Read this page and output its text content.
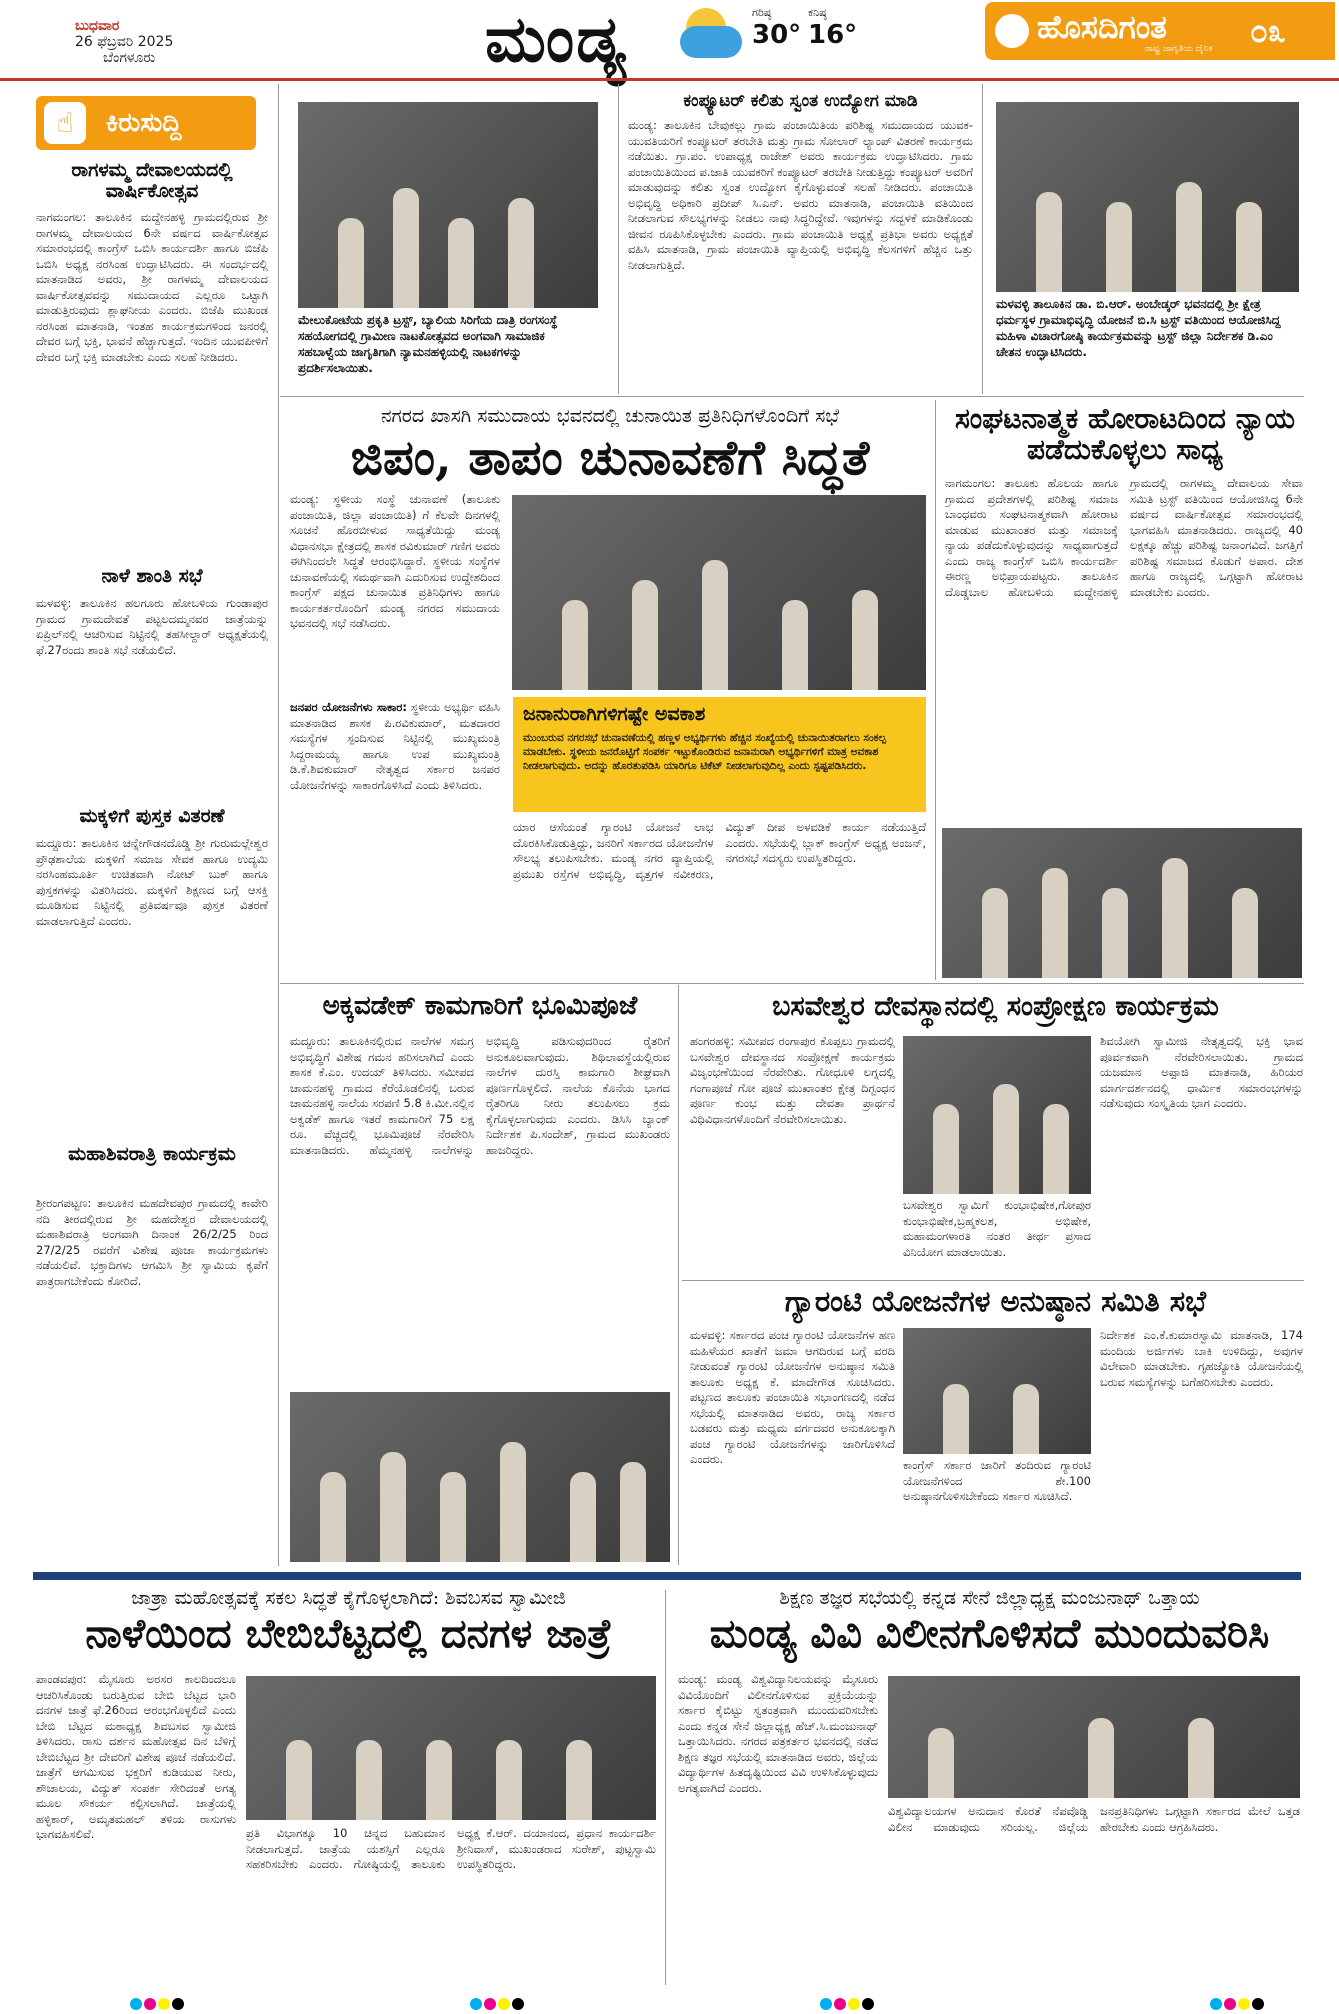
ಬುಧವಾರ
26 ಫೆಬ್ರವರಿ 2025
ಬೆಂಗಳೂರು	ಮಂಡ್ಯ	ಗರಿಷ್ಠ
30°
ಕನಿಷ್ಠ
16°	ಹೊಸದಿಗಂತ
ರಾಷ್ಟ್ರ ಜಾಗೃತಿಯ ದೈನಿಕ ೦೩
☝	ಕಿರುಸುದ್ದಿ
ರಾಗಳಮ್ಮ ದೇವಾಲಯದಲ್ಲಿ ವಾರ್ಷಿಕೋತ್ಸವ
ನಾಗಮಂಗಲ: ತಾಲೂಕಿನ ಮದ್ದೇನಹಳ್ಳಿ ಗ್ರಾಮದಲ್ಲಿರುವ ಶ್ರೀ ರಾಗಳಮ್ಮ ದೇವಾಲಯದ 6ನೇ ವರ್ಷದ ವಾರ್ಷಿಕೋತ್ಸವ ಸಮಾರಂಭದಲ್ಲಿ ಕಾಂಗ್ರೆಸ್ ಒಬಿಸಿ ಕಾರ್ಯದರ್ಶಿ ಹಾಗೂ ಬಿಜೆಪಿ ಒಬಿಸಿ ಅಧ್ಯಕ್ಷ ನರಸಿಂಹ ಉದ್ಘಾಟಿಸಿದರು. ಈ ಸಂದರ್ಭದಲ್ಲಿ ಮಾತನಾಡಿದ ಅವರು, ಶ್ರೀ ರಾಗಳಮ್ಮ ದೇವಾಲಯದ ವಾರ್ಷಿಕೋತ್ಸವವನ್ನು ಸಮುದಾಯದ ಎಲ್ಲರೂ ಒಟ್ಟಾಗಿ ಮಾಡುತ್ತಿರುವುದು ಶ್ಲಾಘನೀಯ ಎಂದರು. ಬಿಜೆಪಿ ಮುಖಂಡ ನರಸಿಂಹ ಮಾತನಾಡಿ, ಇಂತಹ ಕಾರ್ಯಕ್ರಮಗಳಿಂದ ಜನರಲ್ಲಿ ದೇವರ ಬಗ್ಗೆ ಭಕ್ತಿ, ಭಾವನೆ ಹೆಚ್ಚಾಗುತ್ತದೆ. ಇಂದಿನ ಯುವಪೀಳಿಗೆ ದೇವರ ಬಗ್ಗೆ ಭಕ್ತಿ ಮಾಡಬೇಕು ಎಂದು ಸಲಹೆ ನೀಡಿದರು.
ನಾಳೆ ಶಾಂತಿ ಸಭೆ
ಮಳವಳ್ಳಿ: ತಾಲೂಕಿನ ಹಲಗೂರು ಹೋಬಳಿಯ ಗುಂಡಾಪುರ ಗ್ರಾಮದ ಗ್ರಾಮದೇವತೆ ಪಟ್ಟಲದಮ್ಮನವರ ಜಾತ್ರೆಯನ್ನು ಏಪ್ರಿಲ್‌ನಲ್ಲಿ ಆಚರಿಸುವ ನಿಟ್ಟಿನಲ್ಲಿ ತಹಸೀಲ್ದಾರ್ ಅಧ್ಯಕ್ಷತೆಯಲ್ಲಿ ಫೆ.27ರಂದು ಶಾಂತಿ ಸಭೆ ನಡೆಯಲಿದೆ.
ಮಕ್ಕಳಿಗೆ ಪುಸ್ತಕ ವಿತರಣೆ
ಮದ್ದೂರು: ತಾಲೂಕಿನ ಚನ್ನೇಗೌಡನದೊಡ್ಡಿ ಶ್ರೀ ಗುರುಮಲ್ಲೇಶ್ವರ ಪ್ರೌಢಶಾಲೆಯ ಮಕ್ಕಳಿಗೆ ಸಮಾಜ ಸೇವಕ ಹಾಗೂ ಉದ್ಯಮಿ ನರಸಿಂಹಮೂರ್ತಿ ಉಚಿತವಾಗಿ ನೋಟ್ ಬುಕ್ ಹಾಗೂ ಪುಸ್ತಕಗಳನ್ನು ವಿತರಿಸಿದರು. ಮಕ್ಕಳಿಗೆ ಶಿಕ್ಷಣದ ಬಗ್ಗೆ ಆಸಕ್ತಿ ಮೂಡಿಸುವ ನಿಟ್ಟಿನಲ್ಲಿ ಪ್ರತಿವರ್ಷವೂ ಪುಸ್ತಕ ವಿತರಣೆ ಮಾಡಲಾಗುತ್ತಿದೆ ಎಂದರು.
ಮಹಾಶಿವರಾತ್ರಿ ಕಾರ್ಯಕ್ರಮ
ಶ್ರೀರಂಗಪಟ್ಟಣ: ತಾಲೂಕಿನ ಮಹದೇವಪುರ ಗ್ರಾಮದಲ್ಲಿ ಕಾವೇರಿ ನದಿ ತೀರದಲ್ಲಿರುವ ಶ್ರೀ ಮಹದೇಶ್ವರ ದೇವಾಲಯದಲ್ಲಿ ಮಹಾಶಿವರಾತ್ರಿ ಅಂಗವಾಗಿ ದಿನಾಂಕ 26/2/25 ರಿಂದ 27/2/25 ರವರೆಗೆ ವಿಶೇಷ ಪೂಜಾ ಕಾರ್ಯಕ್ರಮಗಳು ನಡೆಯಲಿವೆ. ಭಕ್ತಾದಿಗಳು ಆಗಮಿಸಿ ಶ್ರೀ ಸ್ವಾಮಿಯ ಕೃಪೆಗೆ ಪಾತ್ರರಾಗಬೇಕೆಂದು ಕೋರಿದೆ.
ಮೇಲುಕೋಟೆಯ ಪ್ರಕೃತಿ ಟ್ರಸ್ಟ್, ಬ್ಯಾಲಿಯ ಸಿರಿಗೆಯ ದಾತ್ರಿ ರಂಗಸಂಸ್ಥೆ ಸಹಯೋಗದಲ್ಲಿ ಗ್ರಾಮೀಣ ನಾಟಕೋತ್ಸವದ ಅಂಗವಾಗಿ ಸಾಮಾಜಿಕ ಸಹಬಾಳ್ವೆಯ ಜಾಗೃತಿಗಾಗಿ ನ್ಯಾಮನಹಳ್ಳಿಯಲ್ಲಿ ನಾಟಕಗಳನ್ನು ಪ್ರದರ್ಶಿಸಲಾಯಿತು.
ಕಂಪ್ಯೂಟರ್ ಕಲಿತು ಸ್ವಂತ ಉದ್ಯೋಗ ಮಾಡಿ
ಮಂಡ್ಯ: ತಾಲೂಕಿನ ಬೇವುಕಲ್ಲು ಗ್ರಾಮ ಪಂಚಾಯಿತಿಯ ಪರಿಶಿಷ್ಟ ಸಮುದಾಯದ ಯುವಕ-ಯುವತಿಯರಿಗೆ ಕಂಪ್ಯೂಟರ್ ತರಬೇತಿ ಮತ್ತು ಗ್ರಾಮ ಸೋಲಾರ್ ಲ್ಯಾಂಪ್ ವಿತರಣೆ ಕಾರ್ಯಕ್ರಮ ನಡೆಯಿತು. ಗ್ರಾ.ಪಂ. ಉಪಾಧ್ಯಕ್ಷ ರಾಜೇಶ್ ಅವರು ಕಾರ್ಯಕ್ರಮ ಉದ್ಘಾಟಿಸಿದರು. ಗ್ರಾಮ ಪಂಚಾಯಿತಿಯಿಂದ ಪ.ಜಾತಿ ಯುವಕರಿಗೆ ಕಂಪ್ಯೂಟರ್ ತರಬೇತಿ ನೀಡುತ್ತಿದ್ದು ಕಂಪ್ಯೂಟರ್ ಅವರಿಗೆ ಮಾಡುವುದನ್ನು ಕಲಿತು ಸ್ವಂತ ಉದ್ಯೋಗ ಕೈಗೊಳ್ಳುವಂತೆ ಸಲಹೆ ನೀಡಿದರು. ಪಂಚಾಯಿತಿ ಅಭಿವೃದ್ಧಿ ಅಧಿಕಾರಿ ಪ್ರದೀಪ್ ಸಿ.ಎನ್. ಅವರು ಮಾತನಾಡಿ, ಪಂಚಾಯಿತಿ ವತಿಯಿಂದ ನೀಡಲಾಗುವ ಸೌಲಭ್ಯಗಳನ್ನು ನೀಡಲು ನಾವು ಸಿದ್ಧರಿದ್ದೇವೆ. ಇವುಗಳನ್ನು ಸದ್ಬಳಕೆ ಮಾಡಿಕೊಂಡು ಜೀವನ ರೂಪಿಸಿಕೊಳ್ಳಬೇಕು ಎಂದರು. ಗ್ರಾಮ ಪಂಚಾಯಿತಿ ಅಧ್ಯಕ್ಷೆ ಪ್ರತಿಭಾ ಅವರು ಅಧ್ಯಕ್ಷತೆ ವಹಿಸಿ ಮಾತನಾಡಿ, ಗ್ರಾಮ ಪಂಚಾಯಿತಿ ವ್ಯಾಪ್ತಿಯಲ್ಲಿ ಅಭಿವೃದ್ಧಿ ಕೆಲಸಗಳಿಗೆ ಹೆಚ್ಚಿನ ಒತ್ತು ನೀಡಲಾಗುತ್ತಿದೆ.
ಮಳವಳ್ಳಿ ತಾಲೂಕಿನ ಡಾ. ಬಿ.ಆರ್. ಅಂಬೇಡ್ಕರ್ ಭವನದಲ್ಲಿ ಶ್ರೀ ಕ್ಷೇತ್ರ ಧರ್ಮಸ್ಥಳ ಗ್ರಾಮಾಭಿವೃದ್ಧಿ ಯೋಜನೆ ಬಿ.ಸಿ ಟ್ರಸ್ಟ್ ವತಿಯಿಂದ ಆಯೋಜಿಸಿದ್ದ ಮಹಿಳಾ ವಿಚಾರಗೋಷ್ಠಿ ಕಾರ್ಯಕ್ರಮವನ್ನು ಟ್ರಸ್ಟ್ ಜಿಲ್ಲಾ ನಿರ್ದೇಶಕ ಡಿ.ಎಂ ಚೇತನ ಉದ್ಘಾಟಿಸಿದರು.
ನಗರದ ಖಾಸಗಿ ಸಮುದಾಯ ಭವನದಲ್ಲಿ ಚುನಾಯಿತ ಪ್ರತಿನಿಧಿಗಳೊಂದಿಗೆ ಸಭೆ
ಜಿಪಂ, ತಾಪಂ ಚುನಾವಣೆಗೆ ಸಿದ್ಧತೆ
ಮಂಡ್ಯ: ಸ್ಥಳೀಯ ಸಂಸ್ಥೆ ಚುನಾವಣೆ (ತಾಲೂಕು ಪಂಚಾಯಿತಿ, ಜಿಲ್ಲಾ ಪಂಚಾಯಿತಿ) ಗೆ ಕೆಲವೇ ದಿನಗಳಲ್ಲಿ ಸೂಚನೆ ಹೊರಬೀಳುವ ಸಾಧ್ಯತೆಯಿದ್ದು ಮಂಡ್ಯ ವಿಧಾನಸಭಾ ಕ್ಷೇತ್ರದಲ್ಲಿ ಶಾಸಕ ರವಿಕುಮಾರ್ ಗಣಿಗ ಅವರು ಈಗಿನಿಂದಲೇ ಸಿದ್ಧತೆ ಆರಂಭಿಸಿದ್ದಾರೆ. ಸ್ಥಳೀಯ ಸಂಸ್ಥೆಗಳ ಚುನಾವಣೆಯಲ್ಲಿ ಸಮರ್ಥವಾಗಿ ಎದುರಿಸುವ ಉದ್ದೇಶದಿಂದ ಕಾಂಗ್ರೆಸ್ ಪಕ್ಷದ ಚುನಾಯಿತ ಪ್ರತಿನಿಧಿಗಳು ಹಾಗೂ ಕಾರ್ಯಕರ್ತರೊಂದಿಗೆ ಮಂಡ್ಯ ನಗರದ ಸಮುದಾಯ ಭವನದಲ್ಲಿ ಸಭೆ ನಡೆಸಿದರು.
ಜನಪರ ಯೋಜನೆಗಳು ಸಾಕಾರ: ಸ್ಥಳೀಯ ಅಭ್ಯರ್ಥಿ ವಹಿಸಿ ಮಾತನಾಡಿದ ಶಾಸಕ ಪಿ.ರವಿಕುಮಾರ್, ಮತದಾರರ ಸಮಸ್ಯೆಗಳ ಸ್ಪಂದಿಸುವ ನಿಟ್ಟಿನಲ್ಲಿ ಮುಖ್ಯಮಂತ್ರಿ ಸಿದ್ದರಾಮಯ್ಯ ಹಾಗೂ ಉಪ ಮುಖ್ಯಮಂತ್ರಿ ಡಿ.ಕೆ.ಶಿವಕುಮಾರ್ ನೇತೃತ್ವದ ಸರ್ಕಾರ ಜನಪರ ಯೋಜನೆಗಳನ್ನು ಸಾಕಾರಗೊಳಿಸಿದೆ ಎಂದು ತಿಳಿಸಿದರು.
ಜನಾನುರಾಗಿಗಳಿಗಷ್ಟೇ ಅವಕಾಶ
ಮುಂಬರುವ ನಗರಸಭೆ ಚುನಾವಣೆಯಲ್ಲಿ ಹಣ್ಣಳ ಅಭ್ಯರ್ಥಿಗಳು ಹೆಚ್ಚಿನ ಸಂಖ್ಯೆಯಲ್ಲಿ ಚುನಾಯಿತರಾಗಲು ಸಂಕಲ್ಪ ಮಾಡಬೇಕು. ಸ್ಥಳೀಯ ಜನರೊಟ್ಟಿಗೆ ಸಂಪರ್ಕ ಇಟ್ಟುಕೊಂಡಿರುವ ಜನಾನುರಾಗಿ ಅಭ್ಯರ್ಥಿಗಳಿಗೆ ಮಾತ್ರ ಅವಕಾಶ ನೀಡಲಾಗುವುದು. ಅದನ್ನು ಹೊರತುಪಡಿಸಿ ಯಾರಿಗೂ ಟಿಕೆಟ್ ನೀಡಲಾಗುವುದಿಲ್ಲ ಎಂದು ಸ್ಪಷ್ಟಪಡಿಸಿದರು.
ಯಾರ ಆಸೆಯಂತೆ ಗ್ಯಾರಂಟಿ ಯೋಜನೆ ಲಾಭ ದೊರಕಿಸಿಕೊಡುತ್ತಿದ್ದು, ಜನರಿಗೆ ಸರ್ಕಾರದ ಯೋಜನೆಗಳ ಸೌಲಭ್ಯ ತಲುಪಿಸಬೇಕು. ಮಂಡ್ಯ ನಗರ ವ್ಯಾಪ್ತಿಯಲ್ಲಿ ಪ್ರಮುಖ ರಸ್ತೆಗಳ ಅಭಿವೃದ್ಧಿ, ವೃತ್ತಗಳ ನವೀಕರಣ, ವಿದ್ಯುತ್ ದೀಪ ಅಳವಡಿಕೆ ಕಾರ್ಯ ನಡೆಯುತ್ತಿದೆ ಎಂದರು. ಸಭೆಯಲ್ಲಿ ಬ್ಲಾಕ್ ಕಾಂಗ್ರೆಸ್ ಅಧ್ಯಕ್ಷ ಅಂಜನ್, ನಗರಸಭೆ ಸದಸ್ಯರು ಉಪಸ್ಥಿತರಿದ್ದರು.
ಸಂಘಟನಾತ್ಮಕ ಹೋರಾಟದಿಂದ ನ್ಯಾಯ ಪಡೆದುಕೊಳ್ಳಲು ಸಾಧ್ಯ
ನಾಗಮಂಗಲ: ತಾಲೂಕು ಹೊಲಯ ಹಾಗೂ ಗ್ರಾಮದ ಪ್ರದೇಶಗಳಲ್ಲಿ ಪರಿಶಿಷ್ಟ ಸಮಾಜ ಬಾಂಧವರು ಸಂಘಟನಾತ್ಮಕವಾಗಿ ಹೋರಾಟ ಮಾಡುವ ಮುಖಾಂತರ ಮತ್ತು ಸಮಾಜಕ್ಕೆ ನ್ಯಾಯ ಪಡೆದುಕೊಳ್ಳುವುದನ್ನು ಸಾಧ್ಯವಾಗುತ್ತದೆ ಎಂದು ರಾಜ್ಯ ಕಾಂಗ್ರೆಸ್ ಒಬಿಸಿ ಕಾರ್ಯದರ್ಶಿ ಈರಣ್ಣ ಅಭಿಪ್ರಾಯಪಟ್ಟರು. ತಾಲೂಕಿನ ದೊಡ್ಡಬಾಲ ಹೋಬಳಿಯ ಮದ್ದೇನಹಳ್ಳಿ ಗ್ರಾಮದಲ್ಲಿ ರಾಗಳಮ್ಮ ದೇವಾಲಯ ಸೇವಾ ಸಮಿತಿ ಟ್ರಸ್ಟ್ ವತಿಯಿಂದ ಆಯೋಜಿಸಿದ್ದ 6ನೇ ವರ್ಷದ ವಾರ್ಷಿಕೋತ್ಸವ ಸಮಾರಂಭದಲ್ಲಿ ಭಾಗವಹಿಸಿ ಮಾತನಾಡಿದರು. ರಾಜ್ಯದಲ್ಲಿ 40 ಲಕ್ಷಕ್ಕೂ ಹೆಚ್ಚು ಪರಿಶಿಷ್ಟ ಜನಾಂಗವಿದೆ. ಜಗತ್ತಿಗೆ ಪರಿಶಿಷ್ಟ ಸಮಾಜದ ಕೊಡುಗೆ ಅಪಾರ. ದೇಶ ಹಾಗೂ ರಾಜ್ಯದಲ್ಲಿ ಒಗ್ಗಟ್ಟಾಗಿ ಹೋರಾಟ ಮಾಡಬೇಕು ಎಂದರು.
ಅಕ್ಕವಡೇಕ್ ಕಾಮಗಾರಿಗೆ ಭೂಮಿಪೂಜೆ
ಮದ್ದೂರು: ತಾಲೂಕಿನಲ್ಲಿರುವ ನಾಲೆಗಳ ಸಮಗ್ರ ಅಭಿವೃದ್ಧಿಗೆ ವಿಶೇಷ ಗಮನ ಹರಿಸಲಾಗಿದೆ ಎಂದು ಶಾಸಕ ಕೆ.ಎಂ. ಉದಯ್ ತಿಳಿಸಿದರು. ಸಮೀಪದ ಚಾಮನಹಳ್ಳಿ ಗ್ರಾಮದ ಕೆರೆಯೊಡಲಿನಲ್ಲಿ ಬರುವ ಚಾಮನಹಳ್ಳಿ ನಾಲೆಯ ಸರಪಣಿ 5.8 ಕಿ.ಮೀ.ನಲ್ಲಿನ ಅಕ್ವಡೆಕ್ ಹಾಗೂ ಇತರೆ ಕಾಮಗಾರಿಗೆ 75 ಲಕ್ಷ ರೂ. ವೆಚ್ಚದಲ್ಲಿ ಭೂಮಿಪೂಜೆ ನೆರವೇರಿಸಿ ಮಾತನಾಡಿದರು. ಹೆಮ್ಮನಹಳ್ಳಿ ನಾಲೆಗಳನ್ನು ಅಭಿವೃದ್ಧಿ ಪಡಿಸುವುದರಿಂದ ರೈತರಿಗೆ ಅನುಕೂಲವಾಗುವುದು. ಶಿಥಿಲಾವಸ್ಥೆಯಲ್ಲಿರುವ ನಾಲೆಗಳ ದುರಸ್ತಿ ಕಾಮಗಾರಿ ಶೀಘ್ರವಾಗಿ ಪೂರ್ಣಗೊಳ್ಳಲಿದೆ. ನಾಲೆಯ ಕೊನೆಯ ಭಾಗದ ರೈತರಿಗೂ ನೀರು ತಲುಪಿಸಲು ಕ್ರಮ ಕೈಗೊಳ್ಳಲಾಗುವುದು ಎಂದರು. ಡಿಸಿಸಿ ಬ್ಯಾಂಕ್ ನಿರ್ದೇಶಕ ಪಿ.ಸಂದೇಶ್, ಗ್ರಾಮದ ಮುಖಂಡರು ಹಾಜರಿದ್ದರು.
ಬಸವೇಶ್ವರ ದೇವಸ್ಥಾನದಲ್ಲಿ ಸಂಪ್ರೋಕ್ಷಣ ಕಾರ್ಯಕ್ರಮ
ಹಂಗರಹಳ್ಳಿ: ಸಮೀಪದ ರಂಗಾಪುರ ಕೊಪ್ಪಲು ಗ್ರಾಮದಲ್ಲಿ ಬಸವೇಶ್ವರ ದೇವಸ್ಥಾನದ ಸಂಪ್ರೋಕ್ಷಣೆ ಕಾರ್ಯಕ್ರಮ ವಿಜೃಂಭಣೆಯಿಂದ ನೆರವೇರಿತು. ಗೋಧೂಳಿ ಲಗ್ನದಲ್ಲಿ ಗಂಗಾಪೂಜೆ ಗೋ ಪೂಜೆ ಮುಖಾಂತರ ಕ್ಷೇತ್ರ ದಿಗ್ಬಂಧನ ಪೂರ್ಣ ಕುಂಭ ಮತ್ತು ದೇವತಾ ಪ್ರಾರ್ಥನೆ ವಿಧಿವಿಧಾನಗಳೊಂದಿಗೆ ನೆರವೇರಿಸಲಾಯಿತು.
ಬಸವೇಶ್ವರ ಸ್ವಾಮಿಗೆ ಕುಂಭಾಭಿಷೇಕ,ಗೋಪುರ ಕುಂಭಾಭಿಷೇಕ,ಬ್ರಹ್ಮಕಲಶ, ಅಭಿಷೇಕ, ಮಹಾಮಂಗಳಾರತಿ ನಂತರ ತೀರ್ಥ ಪ್ರಸಾದ ವಿನಿಯೋಗ ಮಾಡಲಾಯಿತು.
ಶಿವಯೋಗಿ ಸ್ವಾಮೀಜಿ ನೇತೃತ್ವದಲ್ಲಿ ಭಕ್ತಿ ಭಾವ ಪೂರ್ವಕವಾಗಿ ನೆರವೇರಿಸಲಾಯಿತು. ಗ್ರಾಮದ ಯಜಮಾನ ಅಪ್ಪಾಜಿ ಮಾತನಾಡಿ, ಹಿರಿಯರ ಮಾರ್ಗದರ್ಶನದಲ್ಲಿ ಧಾರ್ಮಿಕ ಸಮಾರಂಭಗಳನ್ನು ನಡೆಸುವುದು ಸಂಸ್ಕೃತಿಯ ಭಾಗ ಎಂದರು.
ಗ್ಯಾರಂಟಿ ಯೋಜನೆಗಳ ಅನುಷ್ಠಾನ ಸಮಿತಿ ಸಭೆ
ಮಳವಳ್ಳಿ: ಸರ್ಕಾರದ ಪಂಚ ಗ್ಯಾರಂಟಿ ಯೋಜನೆಗಳ ಹಣ ಮಹಿಳೆಯರ ಖಾತೆಗೆ ಜಮಾ ಆಗದಿರುವ ಬಗ್ಗೆ ವರದಿ ನೀಡುವಂತೆ ಗ್ಯಾರಂಟಿ ಯೋಜನೆಗಳ ಅನುಷ್ಠಾನ ಸಮಿತಿ ತಾಲೂಕು ಅಧ್ಯಕ್ಷ ಕೆ. ಮಾದೇಗೌಡ ಸೂಚಿಸಿದರು. ಪಟ್ಟಣದ ತಾಲೂಕು ಪಂಚಾಯಿತಿ ಸಭಾಂಗಣದಲ್ಲಿ ನಡೆದ ಸಭೆಯಲ್ಲಿ ಮಾತನಾಡಿದ ಅವರು, ರಾಜ್ಯ ಸರ್ಕಾರ ಬಡವರು ಮತ್ತು ಮಧ್ಯಮ ವರ್ಗದವರ ಅನುಕೂಲಕ್ಕಾಗಿ ಪಂಚ ಗ್ಯಾರಂಟಿ ಯೋಜನೆಗಳನ್ನು ಜಾರಿಗೊಳಿಸಿದೆ ಎಂದರು.	ಕಾಂಗ್ರೆಸ್ ಸರ್ಕಾರ ಜಾರಿಗೆ ತಂದಿರುವ ಗ್ಯಾರಂಟಿ ಯೋಜನೆಗಳಿಂದ ಶೇ.100 ಅನುಷ್ಠಾನಗೊಳಿಸಬೇಕೆಂದು ಸರ್ಕಾರ ಸೂಚಿಸಿದೆ.
ನಿರ್ದೇಶಕ ಎಂ.ಕೆ.ಕುಮಾರಸ್ವಾಮಿ ಮಾತನಾಡಿ, 174 ಮಂದಿಯ ಅರ್ಜಿಗಳು ಬಾಕಿ ಉಳಿದಿದ್ದು, ಅವುಗಳ ವಿಲೇವಾರಿ ಮಾಡಬೇಕು. ಗೃಹಜ್ಯೋತಿ ಯೋಜನೆಯಲ್ಲಿ ಬರುವ ಸಮಸ್ಯೆಗಳನ್ನು ಬಗೆಹರಿಸಬೇಕು ಎಂದರು.
ಜಾತ್ರಾ ಮಹೋತ್ಸವಕ್ಕೆ ಸಕಲ ಸಿದ್ಧತೆ ಕೈಗೊಳ್ಳಲಾಗಿದೆ: ಶಿವಬಸವ ಸ್ವಾಮೀಜಿ
ನಾಳೆಯಿಂದ ಬೇಬಿಬೆಟ್ಟದಲ್ಲಿ ದನಗಳ ಜಾತ್ರೆ
ಪಾಂಡವಪುರ: ಮೈಸೂರು ಅರಸರ ಕಾಲದಿಂದಲೂ ಆಚರಿಸಿಕೊಂಡು ಬರುತ್ತಿರುವ ಬೇಬಿ ಬೆಟ್ಟದ ಭಾರಿ ದನಗಳ ಜಾತ್ರೆ ಫೆ.26ರಿಂದ ಆರಂಭಗೊಳ್ಳಲಿದೆ ಎಂದು ಬೇಬಿ ಬೆಟ್ಟದ ಮಠಾಧ್ಯಕ್ಷ ಶಿವಬಸವ ಸ್ವಾಮೀಜಿ ತಿಳಿಸಿದರು. ರಾಸು ದರ್ಶನ ಮಹೋತ್ಸವ ದಿನ ಬೆಳಿಗ್ಗೆ ಬೇಬಿಬೆಟ್ಟದ ಶ್ರೀ ದೇವರಿಗೆ ವಿಶೇಷ ಪೂಜೆ ನಡೆಯಲಿದೆ. ಜಾತ್ರೆಗೆ ಆಗಮಿಸುವ ಭಕ್ತರಿಗೆ ಕುಡಿಯುವ ನೀರು, ಶೌಚಾಲಯ, ವಿದ್ಯುತ್ ಸಂಪರ್ಕ ಸೇರಿದಂತೆ ಅಗತ್ಯ ಮೂಲ ಸೌಕರ್ಯ ಕಲ್ಪಿಸಲಾಗಿದೆ. ಜಾತ್ರೆಯಲ್ಲಿ ಹಳ್ಳಿಕಾರ್, ಅಮೃತಮಹಲ್ ತಳಿಯ ರಾಸುಗಳು ಭಾಗವಹಿಸಲಿವೆ.	ಪ್ರತಿ ವಿಭಾಗಕ್ಕೂ 10 ಚಿನ್ನದ ಬಹುಮಾನ ನೀಡಲಾಗುತ್ತದೆ. ಜಾತ್ರೆಯ ಯಶಸ್ಸಿಗೆ ಎಲ್ಲರೂ ಸಹಕರಿಸಬೇಕು ಎಂದರು. ಗೋಷ್ಠಿಯಲ್ಲಿ ತಾಲೂಕು ಅಧ್ಯಕ್ಷ ಕೆ.ಆರ್. ದಯಾನಂದ, ಪ್ರಧಾನ ಕಾರ್ಯದರ್ಶಿ ಶ್ರೀನಿವಾಸ್, ಮುಖಂಡರಾದ ಸುರೇಶ್, ಪುಟ್ಟಸ್ವಾಮಿ ಉಪಸ್ಥಿತರಿದ್ದರು.
ಶಿಕ್ಷಣ ತಜ್ಞರ ಸಭೆಯಲ್ಲಿ ಕನ್ನಡ ಸೇನೆ ಜಿಲ್ಲಾಧ್ಯಕ್ಷ ಮಂಜುನಾಥ್ ಒತ್ತಾಯ
ಮಂಡ್ಯ ವಿವಿ ವಿಲೀನಗೊಳಿಸದೆ ಮುಂದುವರಿಸಿ
ಮಂಡ್ಯ: ಮಂಡ್ಯ ವಿಶ್ವವಿದ್ಯಾನಿಲಯವನ್ನು ಮೈಸೂರು ವಿವಿಯೊಂದಿಗೆ ವಿಲೀನಗೊಳಿಸುವ ಪ್ರಕ್ರಿಯೆಯನ್ನು ಸರ್ಕಾರ ಕೈಬಿಟ್ಟು ಸ್ವತಂತ್ರವಾಗಿ ಮುಂದುವರಿಸಬೇಕು ಎಂದು ಕನ್ನಡ ಸೇನೆ ಜಿಲ್ಲಾಧ್ಯಕ್ಷ ಹೆಚ್.ಸಿ.ಮಂಜುನಾಥ್ ಒತ್ತಾಯಿಸಿದರು. ನಗರದ ಪತ್ರಕರ್ತರ ಭವನದಲ್ಲಿ ನಡೆದ ಶಿಕ್ಷಣ ತಜ್ಞರ ಸಭೆಯಲ್ಲಿ ಮಾತನಾಡಿದ ಅವರು, ಜಿಲ್ಲೆಯ ವಿದ್ಯಾರ್ಥಿಗಳ ಹಿತದೃಷ್ಟಿಯಿಂದ ವಿವಿ ಉಳಿಸಿಕೊಳ್ಳುವುದು ಅಗತ್ಯವಾಗಿದೆ ಎಂದರು.
ವಿಶ್ವವಿದ್ಯಾಲಯಗಳ ಅನುದಾನ ಕೊರತೆ ನೆಪವೊಡ್ಡಿ ವಿಲೀನ ಮಾಡುವುದು ಸರಿಯಲ್ಲ. ಜಿಲ್ಲೆಯ ಜನಪ್ರತಿನಿಧಿಗಳು ಒಗ್ಗಟ್ಟಾಗಿ ಸರ್ಕಾರದ ಮೇಲೆ ಒತ್ತಡ ಹೇರಬೇಕು ಎಂದು ಆಗ್ರಹಿಸಿದರು.
